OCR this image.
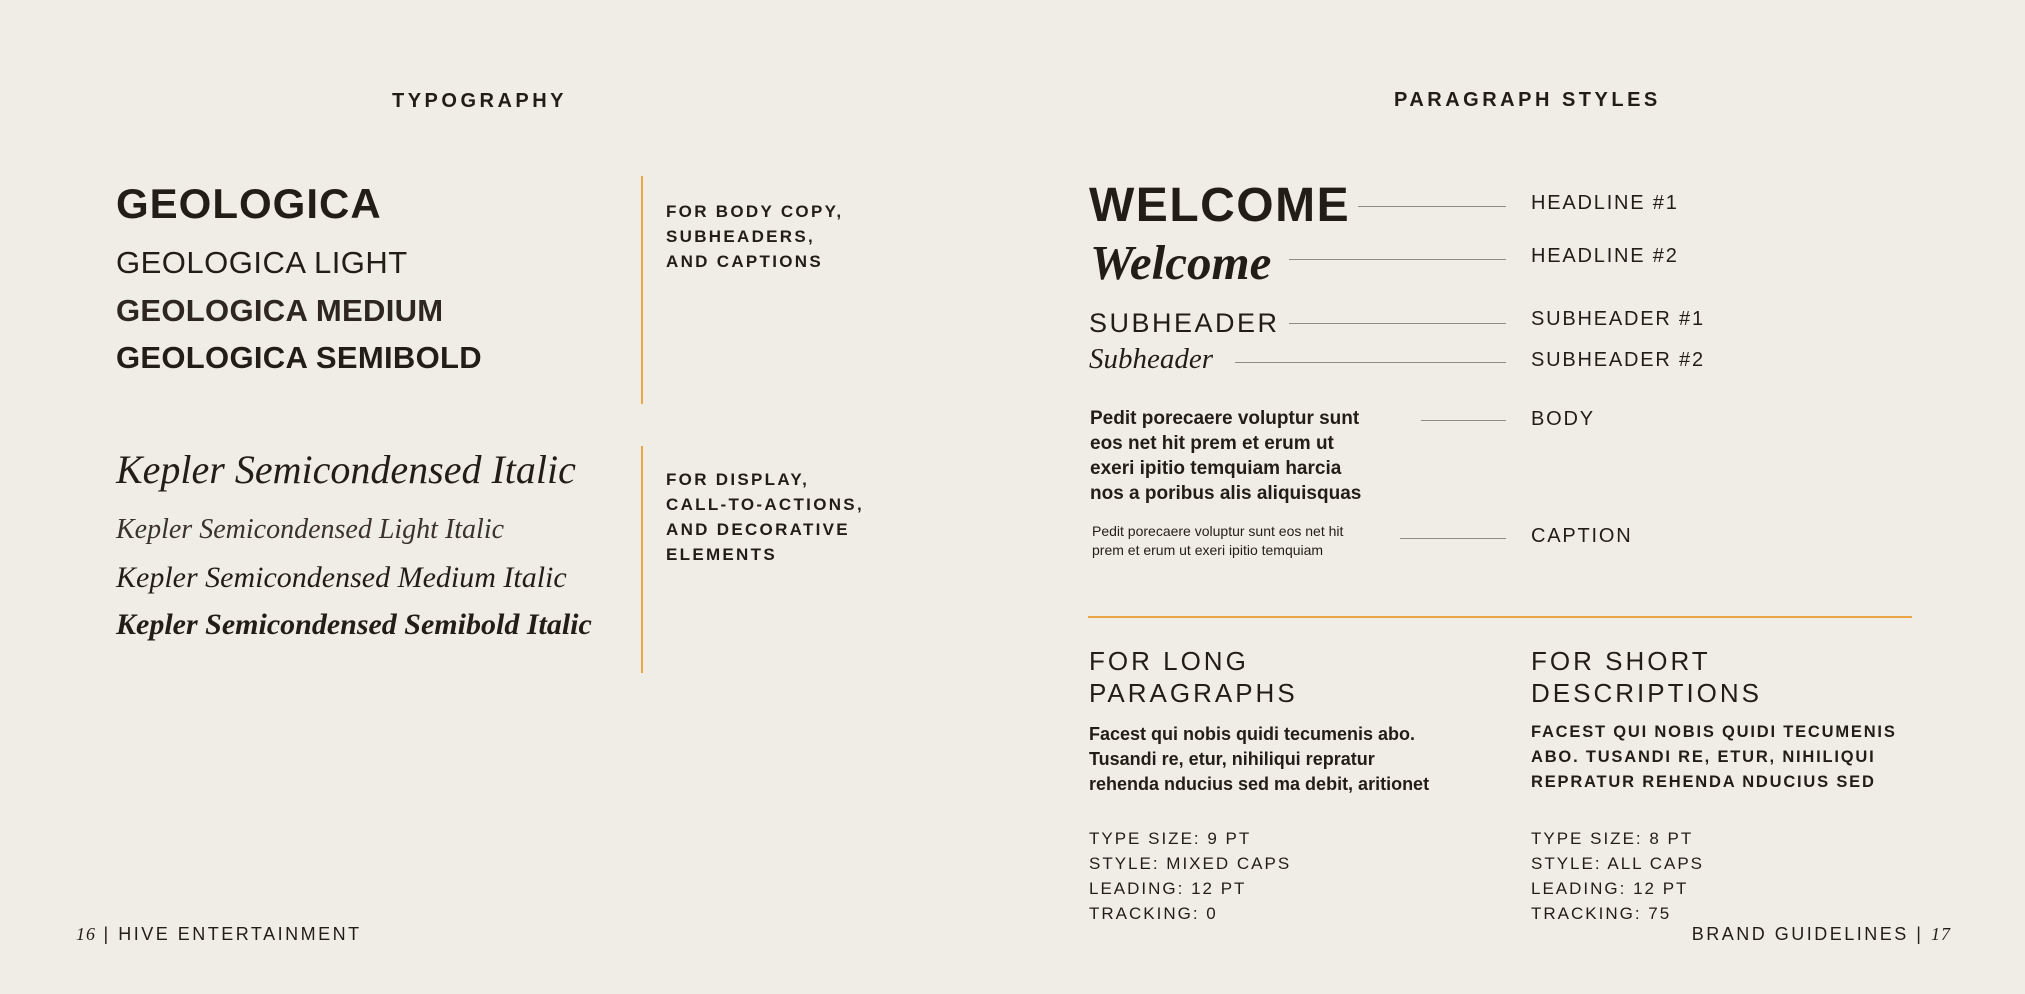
TYPOGRAPHY
GEOLOGICA
GEOLOGICA LIGHT
GEOLOGICA MEDIUM
GEOLOGICA SEMIBOLD
FOR BODY COPY,
SUBHEADERS,
AND CAPTIONS
Kepler Semicondensed Italic
Kepler Semicondensed Light Italic
Kepler Semicondensed Medium Italic
Kepler Semicondensed Semibold Italic
FOR DISPLAY,
CALL-TO-ACTIONS,
AND DECORATIVE
ELEMENTS
16 | HIVE ENTERTAINMENT
PARAGRAPH STYLES
WELCOME	HEADLINE #1
Welcome	HEADLINE #2
SUBHEADER	SUBHEADER #1
Subheader	SUBHEADER #2
Pedit porecaere voluptur sunt
eos net hit prem et erum ut
exeri ipitio temquiam harcia
nos a poribus alis aliquisquas
BODY
Pedit porecaere voluptur sunt eos net hit
prem et erum ut exeri ipitio temquiam
CAPTION
FOR LONG
PARAGRAPHS
Facest qui nobis quidi tecumenis abo.
Tusandi re, etur, nihiliqui repratur
rehenda nducius sed ma debit, aritionet
TYPE SIZE: 9 PT
STYLE: MIXED CAPS
LEADING: 12 PT
TRACKING: 0
FOR SHORT
DESCRIPTIONS
FACEST QUI NOBIS QUIDI TECUMENIS
ABO. TUSANDI RE, ETUR, NIHILIQUI
REPRATUR REHENDA NDUCIUS SED
TYPE SIZE: 8 PT
STYLE: ALL CAPS
LEADING: 12 PT
TRACKING: 75
BRAND GUIDELINES | 17
